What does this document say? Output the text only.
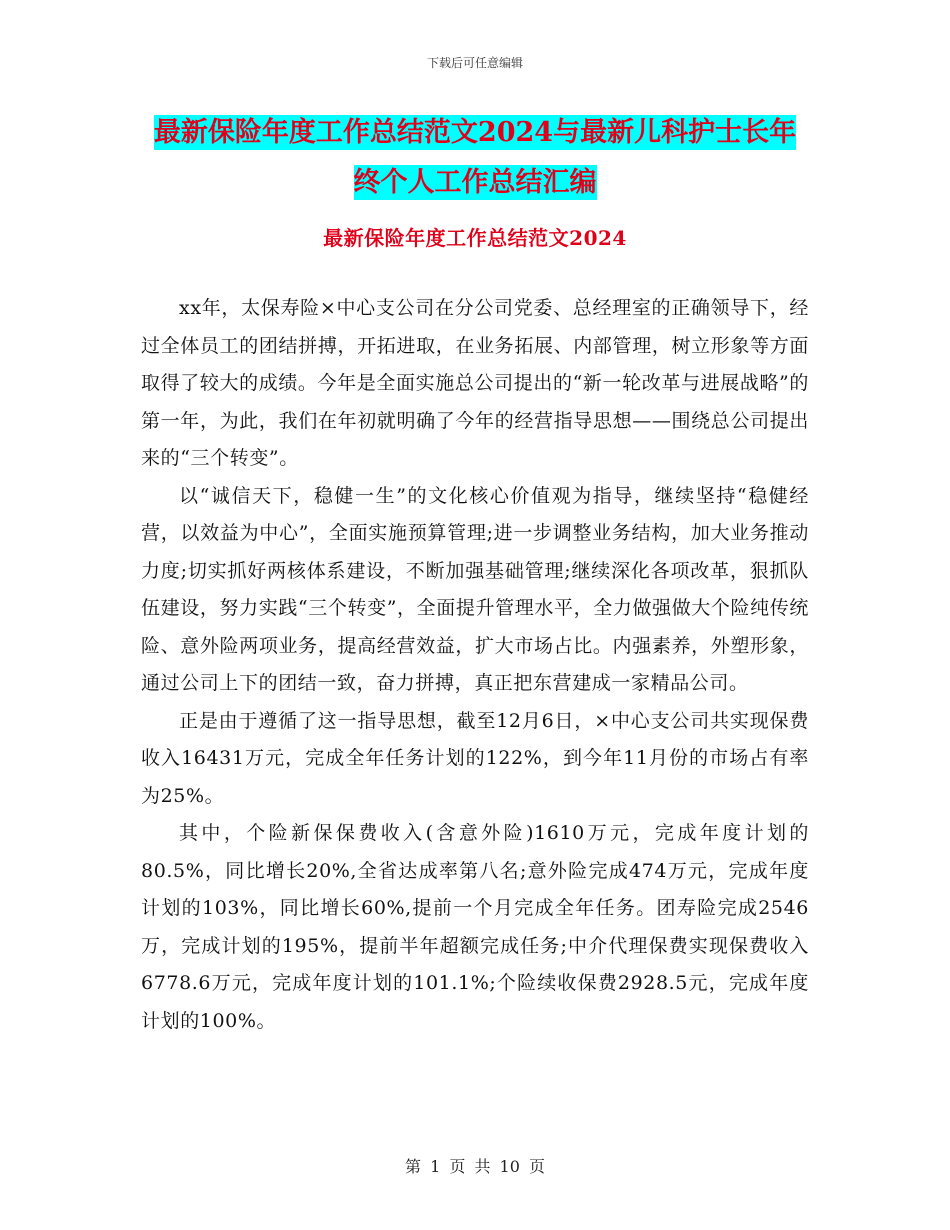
下载后可任意编辑
最新保险年度工作总结范文2024与最新儿科护士长年
终个人工作总结汇编
最新保险年度工作总结范文2024

xx年，太保寿险×中心支公司在分公司党委、总经理室的正确领导下，经过全体员工的团结拼搏，开拓进取，在业务拓展、内部管理，树立形象等方面取得了较大的成绩。今年是全面实施总公司提出的“新一轮改革与进展战略”的第一年，为此，我们在年初就明确了今年的经营指导思想——围绕总公司提出来的“三个转变”。

以“诚信天下，稳健一生”的文化核心价值观为指导，继续坚持“稳健经营，以效益为中心”，全面实施预算管理;进一步调整业务结构，加大业务推动力度;切实抓好两核体系建设，不断加强基础管理;继续深化各项改革，狠抓队伍建设，努力实践“三个转变”，全面提升管理水平，全力做强做大个险纯传统险、意外险两项业务，提高经营效益，扩大市场占比。内强素养，外塑形象，通过公司上下的团结一致，奋力拼搏，真正把东营建成一家精品公司。

正是由于遵循了这一指导思想，截至12月6日，×中心支公司共实现保费收入16431万元，完成全年任务计划的122%，到今年11月份的市场占有率为25%。

其中，个险新保保费收入(含意外险)1610万元，完成年度计划的80.5%，同比增长20%,全省达成率第八名;意外险完成474万元，完成年度计划的103%，同比增长60%,提前一个月完成全年任务。团寿险完成2546万，完成计划的195%，提前半年超额完成任务;中介代理保费实现保费收入6778.6万元，完成年度计划的101.1%;个险续收保费2928.5元，完成年度计划的100%。

第 1 页 共 10 页
